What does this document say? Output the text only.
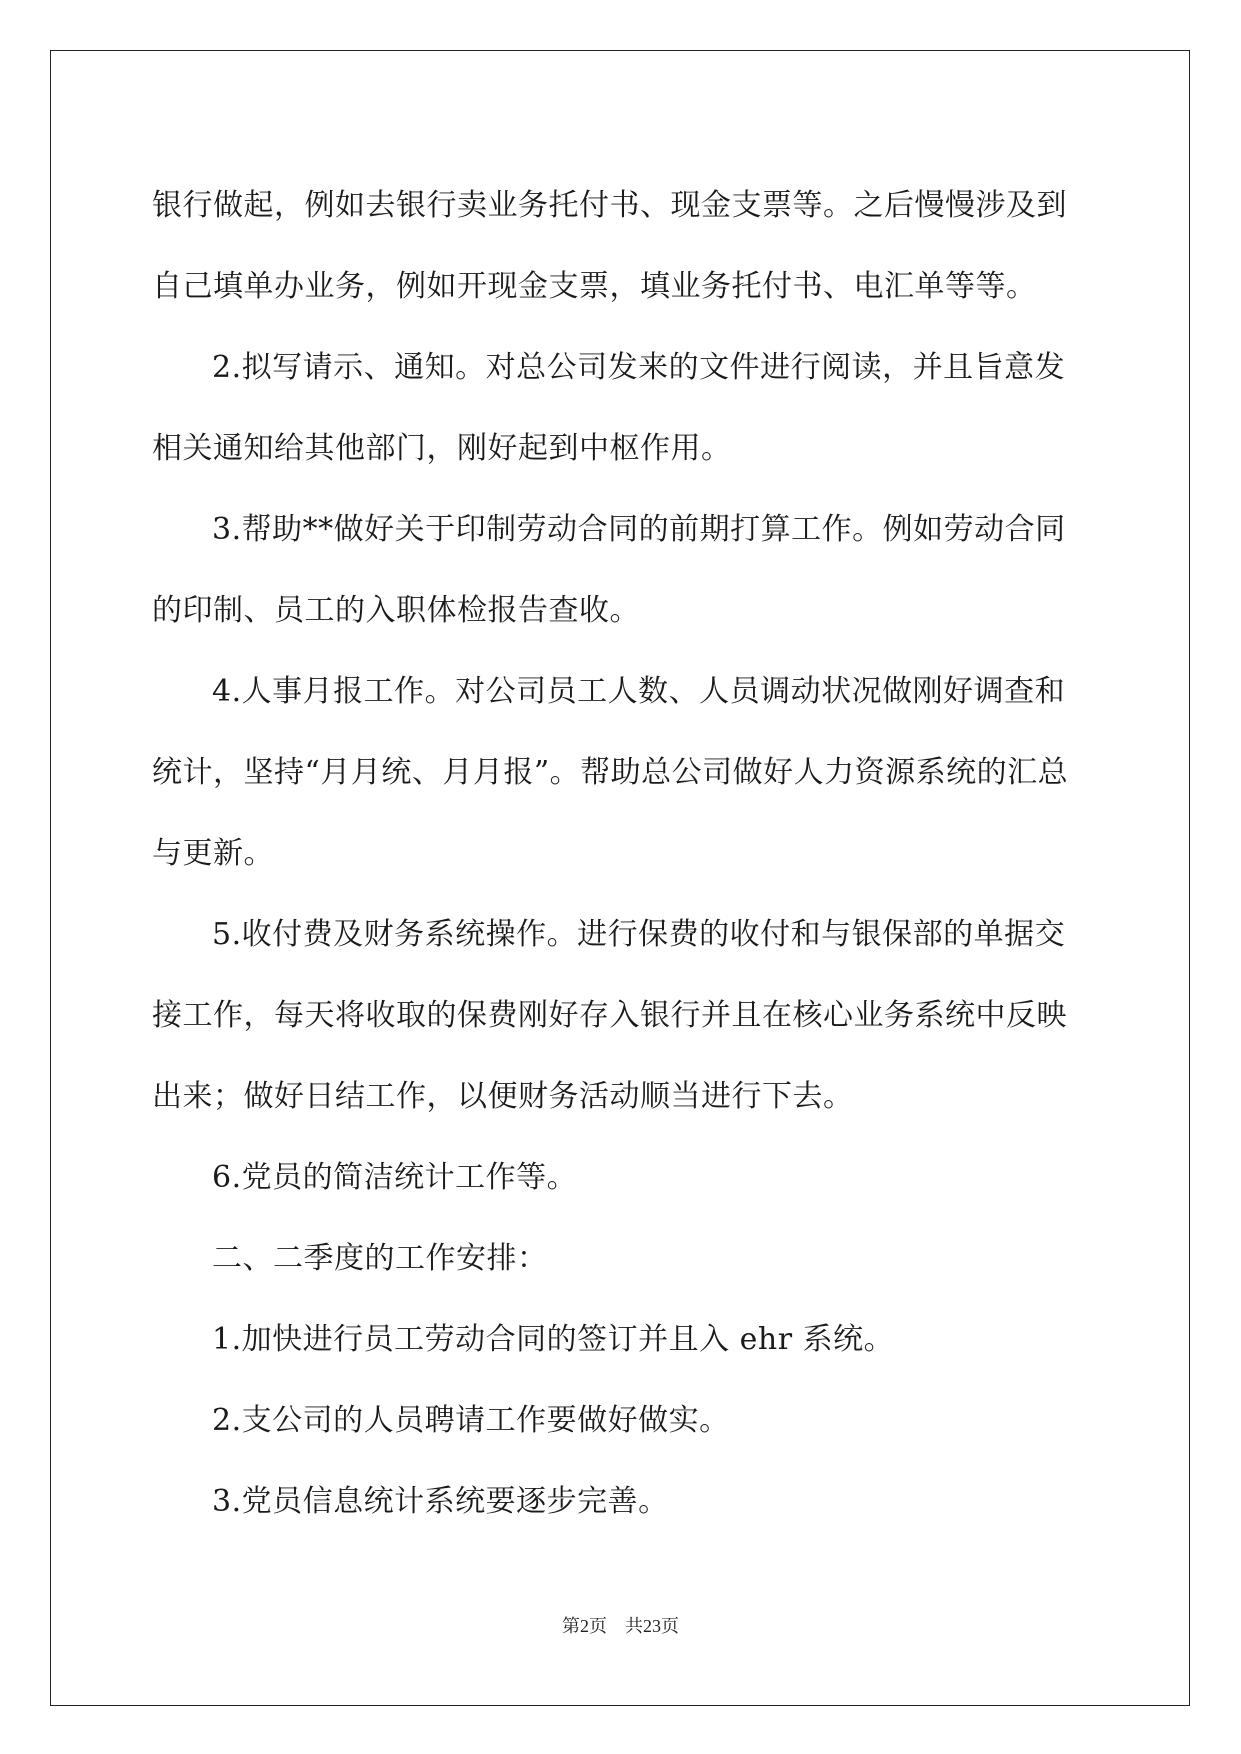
银行做起，例如去银行卖业务托付书、现金支票等。之后慢慢涉及到
自己填单办业务，例如开现金支票，填业务托付书、电汇单等等。
2.拟写请示、通知。对总公司发来的文件进行阅读，并且旨意发
相关通知给其他部门，刚好起到中枢作用。
3.帮助**做好关于印制劳动合同的前期打算工作。例如劳动合同
的印制、员工的入职体检报告查收。
4.人事月报工作。对公司员工人数、人员调动状况做刚好调查和
统计，坚持“月月统、月月报”。帮助总公司做好人力资源系统的汇总
与更新。
5.收付费及财务系统操作。进行保费的收付和与银保部的单据交
接工作，每天将收取的保费刚好存入银行并且在核心业务系统中反映
出来；做好日结工作，以便财务活动顺当进行下去。
6.党员的简洁统计工作等。
二、二季度的工作安排：
1.加快进行员工劳动合同的签订并且入 ehr 系统。
2.支公司的人员聘请工作要做好做实。
3.党员信息统计系统要逐步完善。
第2页　共23页
